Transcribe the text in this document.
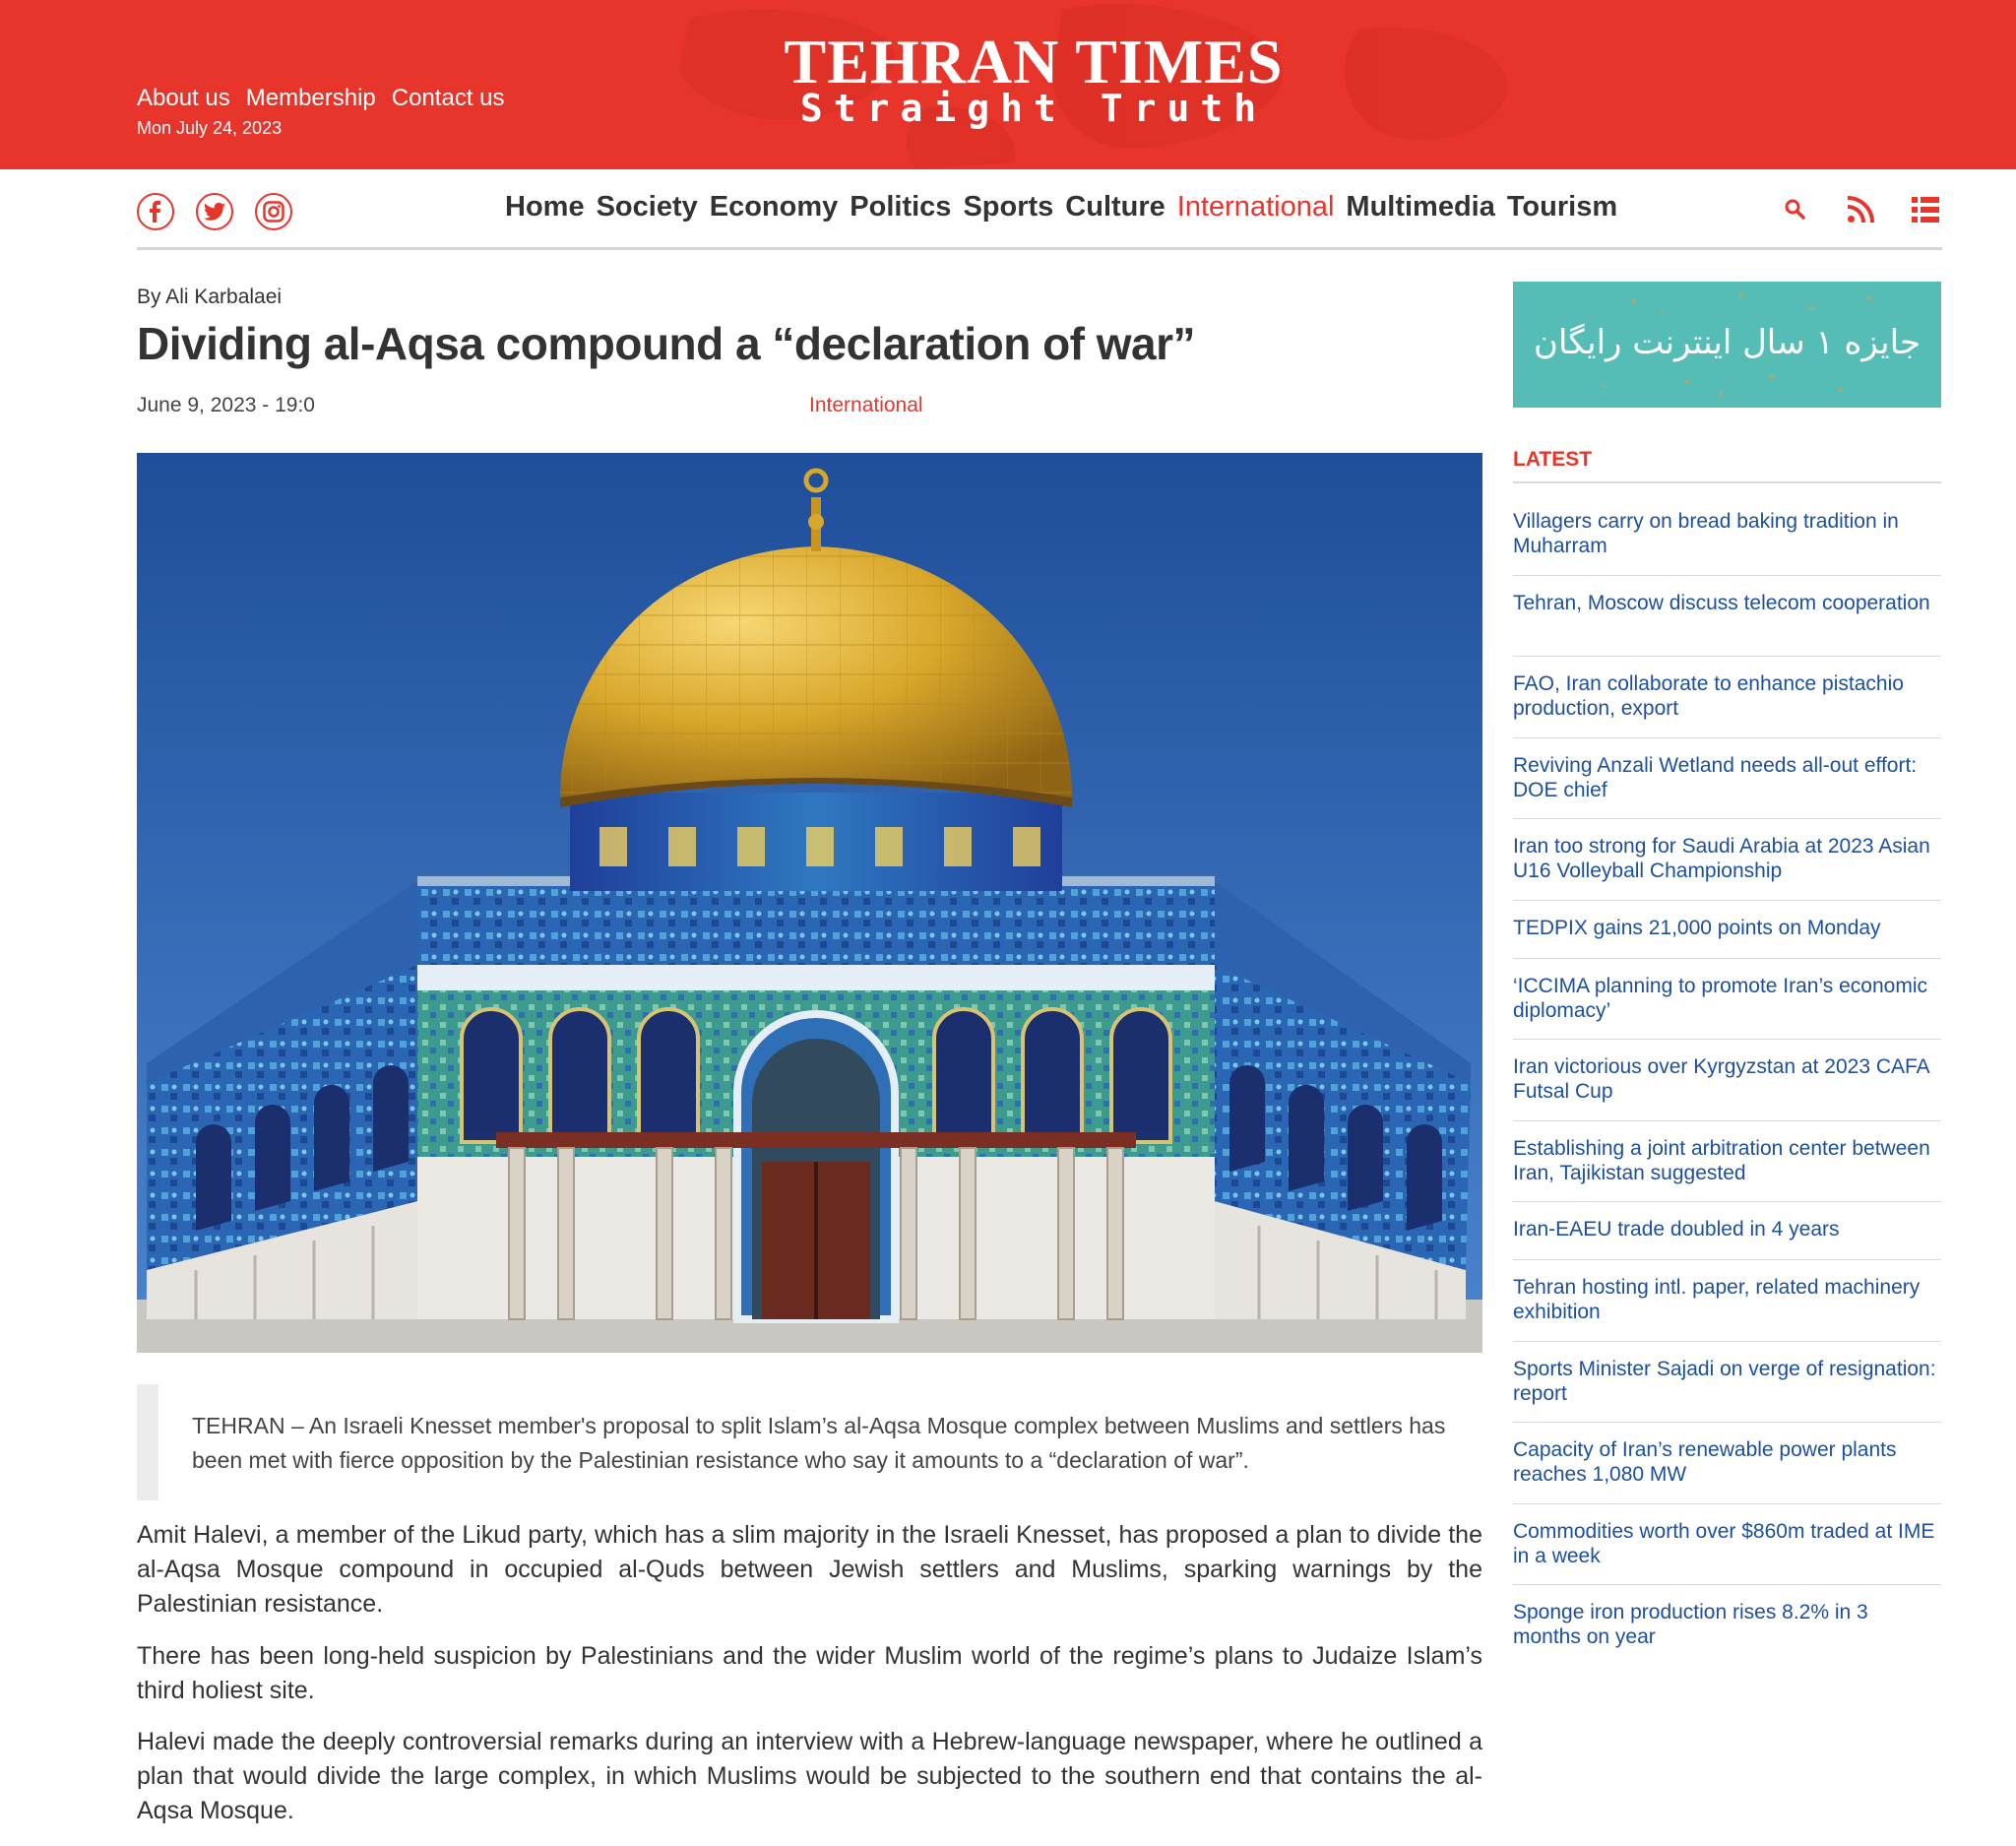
About us Membership Contact us
Mon July 24, 2023
TEHRAN TIMES
Straight Truth
Home Society Economy Politics Sports Culture International Multimedia Tourism
By Ali Karbalaei
Dividing al-Aqsa compound a “declaration of war”
June 9, 2023 - 19:0	International
TEHRAN – An Israeli Knesset member's proposal to split Islam’s al-Aqsa Mosque complex between Muslims and settlers has been met with fierce opposition by the Palestinian resistance who say it amounts to a “declaration of war”.

Amit Halevi, a member of the Likud party, which has a slim majority in the Israeli Knesset, has proposed a plan to divide the al-Aqsa Mosque compound in occupied al-Quds between Jewish settlers and Muslims, sparking warnings by the Palestinian resistance.

There has been long-held suspicion by Palestinians and the wider Muslim world of the regime’s plans to Judaize Islam’s third holiest site.

Halevi made the deeply controversial remarks during an interview with a Hebrew-language newspaper, where he outlined a plan that would divide the large complex, in which Muslims would be subjected to the southern end that contains the al-Aqsa Mosque.

جایزه ۱ سال اینترنت رایگان
LATEST
Villagers carry on bread baking tradition in Muharram
Tehran, Moscow discuss telecom cooperation
FAO, Iran collaborate to enhance pistachio production, export
Reviving Anzali Wetland needs all-out effort: DOE chief
Iran too strong for Saudi Arabia at 2023 Asian U16 Volleyball Championship
TEDPIX gains 21,000 points on Monday
‘ICCIMA planning to promote Iran’s economic diplomacy’
Iran victorious over Kyrgyzstan at 2023 CAFA Futsal Cup
Establishing a joint arbitration center between Iran, Tajikistan suggested
Iran-EAEU trade doubled in 4 years
Tehran hosting intl. paper, related machinery exhibition
Sports Minister Sajadi on verge of resignation: report
Capacity of Iran’s renewable power plants reaches 1,080 MW
Commodities worth over $860m traded at IME in a week
Sponge iron production rises 8.2% in 3 months on year
